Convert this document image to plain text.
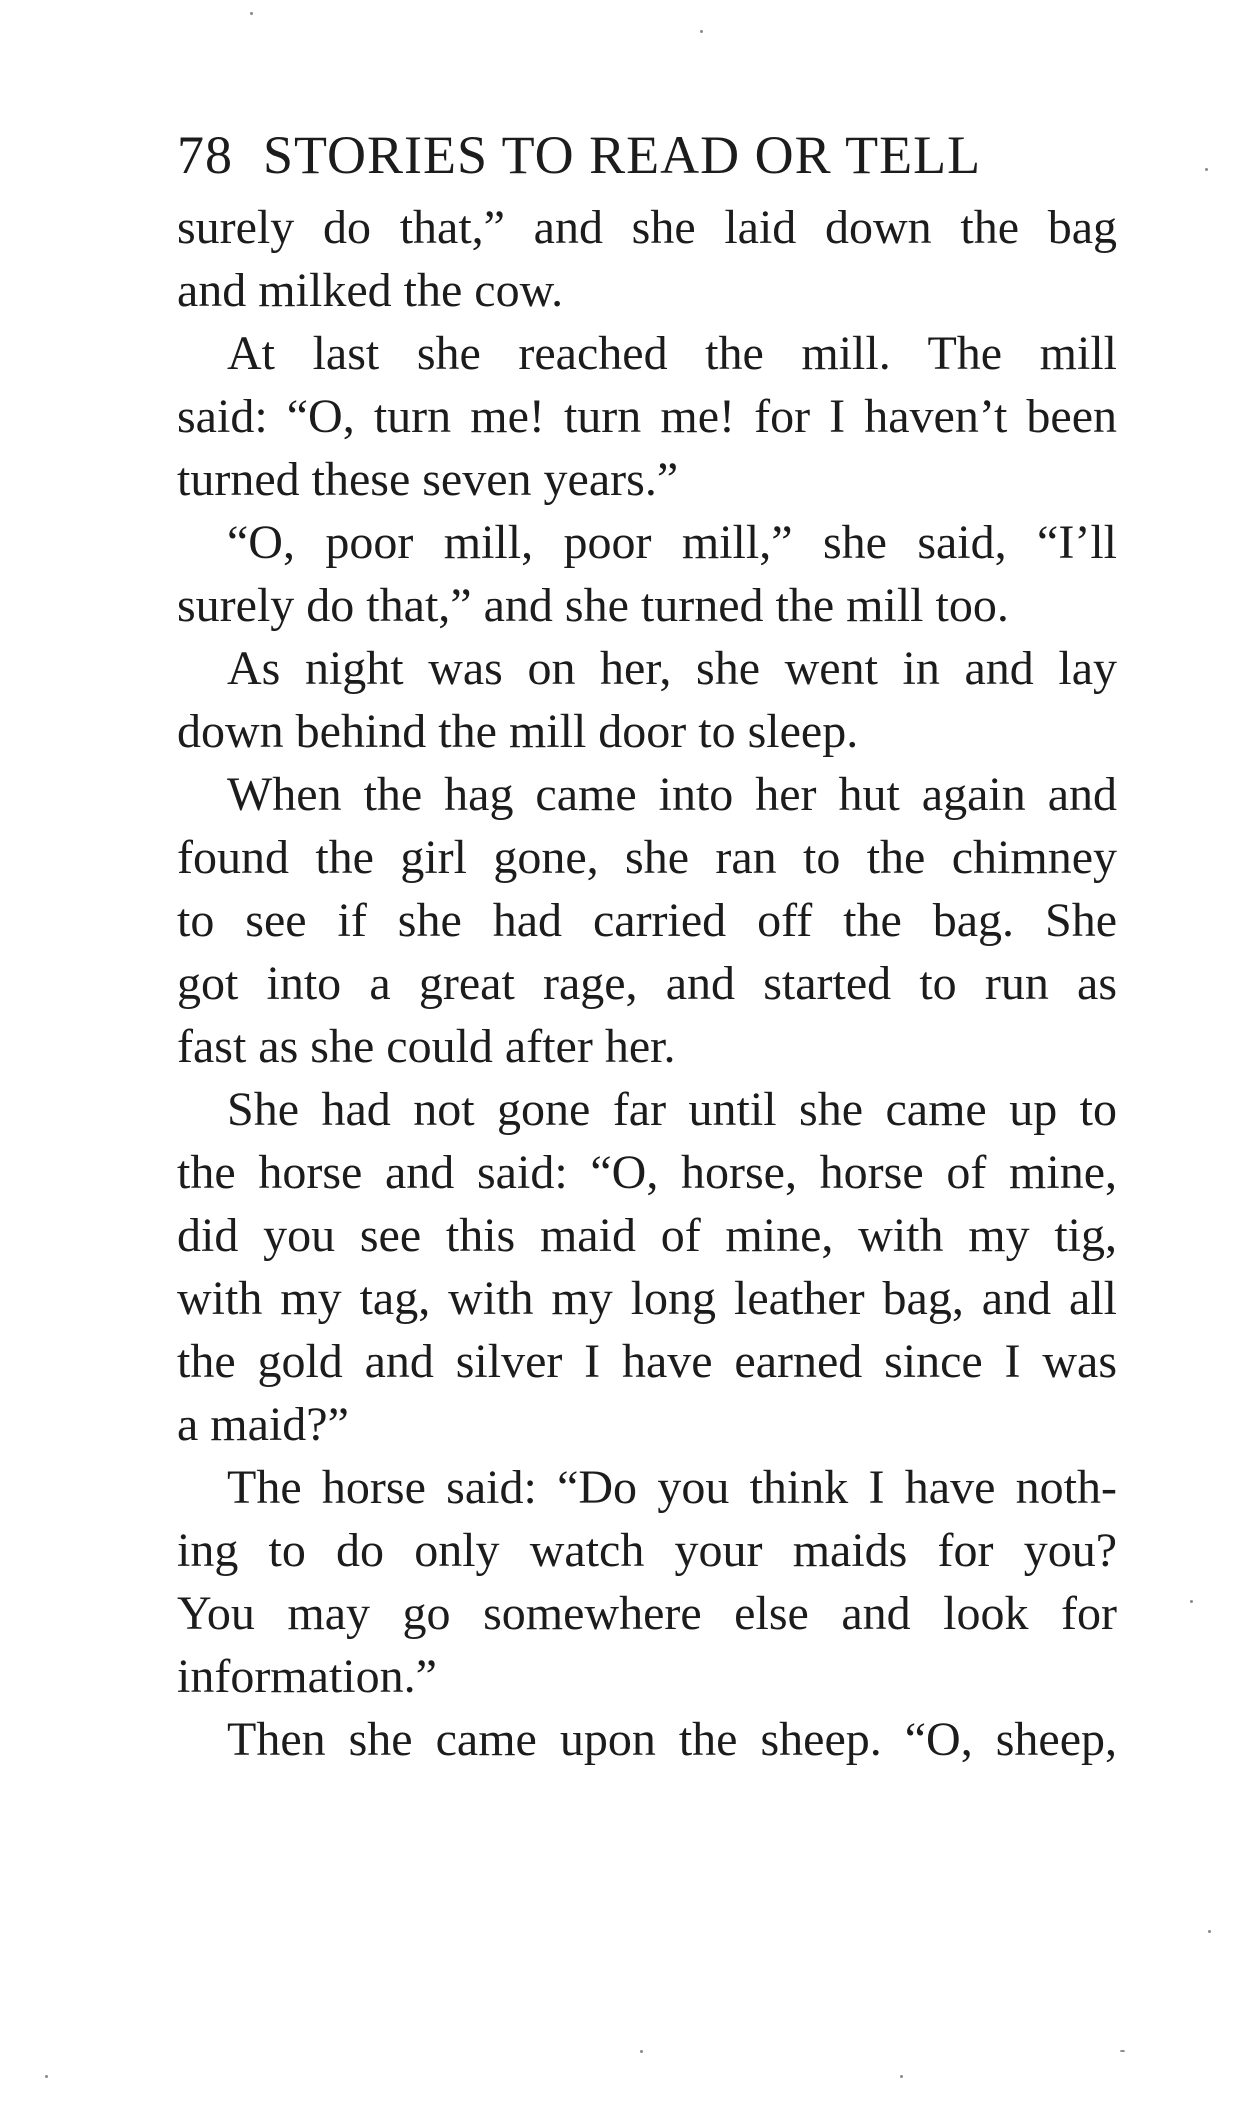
78 STORIES TO READ OR TELL
surely do that,” and she laid down the bag
and milked the cow.
At last she reached the mill. The mill
said: “O, turn me! turn me! for I haven’t been
turned these seven years.”
“O, poor mill, poor mill,” she said, “I’ll
surely do that,” and she turned the mill too.
As night was on her, she went in and lay
down behind the mill door to sleep.
When the hag came into her hut again and
found the girl gone, she ran to the chimney
to see if she had carried off the bag. She
got into a great rage, and started to run as
fast as she could after her.
She had not gone far until she came up to
the horse and said: “O, horse, horse of mine,
did you see this maid of mine, with my tig,
with my tag, with my long leather bag, and all
the gold and silver I have earned since I was
a maid?”
The horse said: “Do you think I have noth-
ing to do only watch your maids for you?
You may go somewhere else and look for
information.”
Then she came upon the sheep. “O, sheep,
